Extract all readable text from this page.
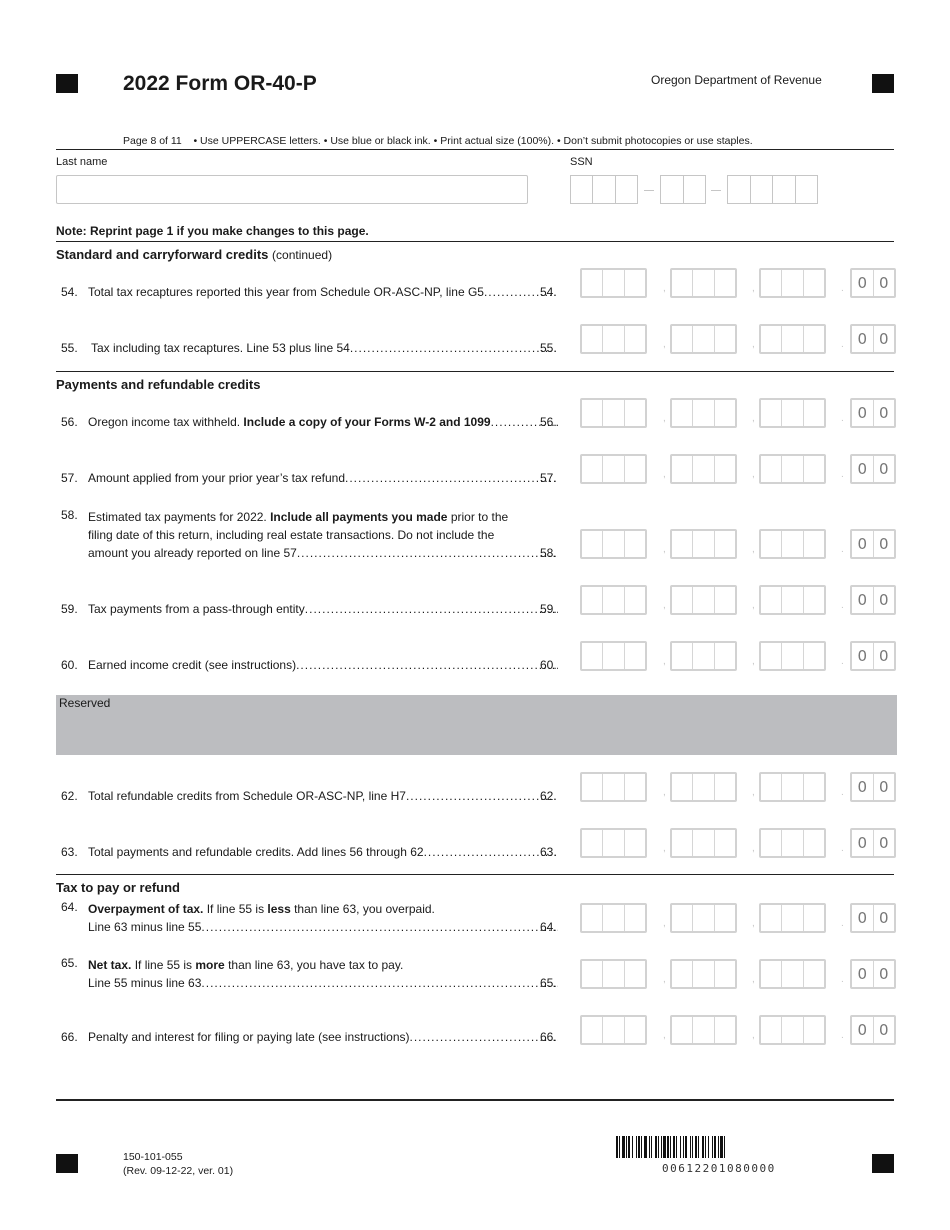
2022 Form OR-40-P	Oregon Department of Revenue
Page 8 of 11 • Use UPPERCASE letters. • Use blue or black ink. • Print actual size (100%). • Don’t submit photocopies or use staples.
Last name	SSN
Note: Reprint page 1 if you make changes to this page.
Standard and carryforward credits (continued)
54. Total tax recaptures reported this year from Schedule OR-ASC-NP, line G5 .....	54.	,	,	. 0 0
55. Tax including tax recaptures. Line 53 plus line 54 .....	55.	,	,	. 0 0
Payments and refundable credits
56. Oregon income tax withheld. Include a copy of your Forms W-2 and 1099 .....	56.	,	,	. 0 0
57. Amount applied from your prior year’s tax refund .....	57.	,	,	. 0 0
58. Estimated tax payments for 2022. Include all payments you made prior to the
filing date of this return, including real estate transactions. Do not include the
amount you already reported on line 57 .....	58.	,	,	. 0 0
59. Tax payments from a pass-through entity .....	59.	,	,	. 0 0
60. Earned income credit (see instructions) .....	60.	,	,	. 0 0
Reserved
62. Total refundable credits from Schedule OR-ASC-NP, line H7 .....	62.	,	,	. 0 0
63. Total payments and refundable credits. Add lines 56 through 62 .....	63.	,	,	. 0 0
Tax to pay or refund
64. Overpayment of tax. If line 55 is less than line 63, you overpaid.
Line 63 minus line 55 .....	64.	,	,	. 0 0
65. Net tax. If line 55 is more than line 63, you have tax to pay.
Line 55 minus line 63 .....	65.	,	,	. 0 0
66. Penalty and interest for filing or paying late (see instructions) .....	66.	,	,	. 0 0
150-101-055
(Rev. 09-12-22, ver. 01)	00612201080000
